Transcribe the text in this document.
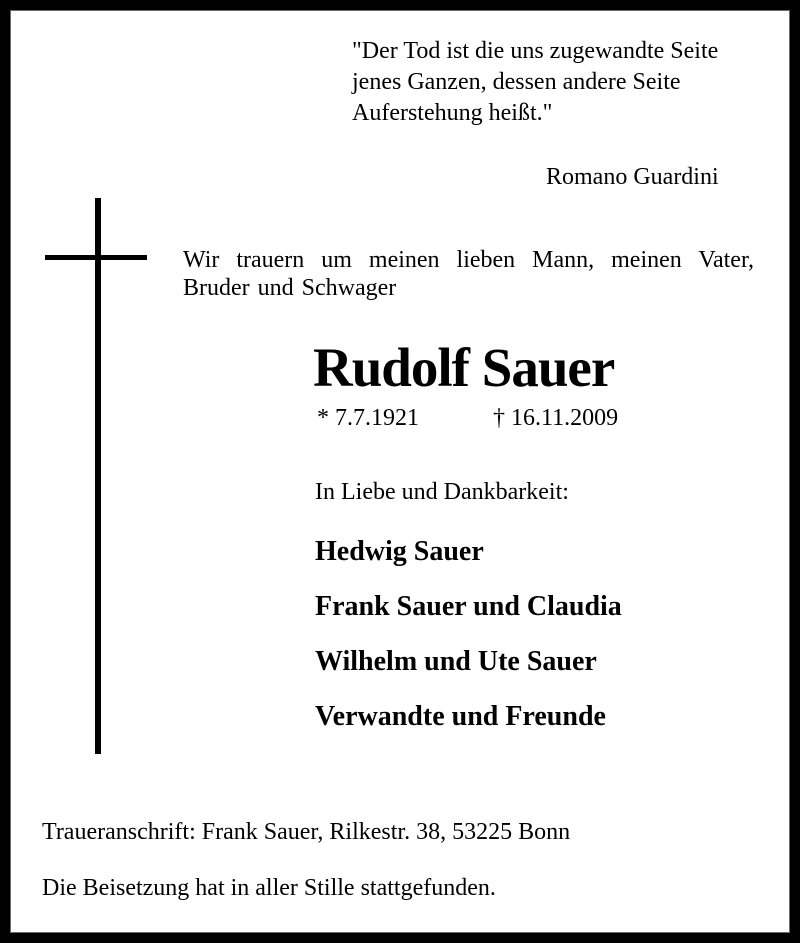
"Der Tod ist die uns zugewandte Seite
jenes Ganzen, dessen andere Seite
Auferstehung heißt."
Romano Guardini
Wir trauern um meinen lieben Mann, meinen Vater, Bruder und Schwager
Rudolf Sauer
* 7.7.1921	† 16.11.2009
In Liebe und Dankbarkeit:
Hedwig Sauer
Frank Sauer und Claudia
Wilhelm und Ute Sauer
Verwandte und Freunde
Traueranschrift: Frank Sauer, Rilkestr. 38, 53225 Bonn
Die Beisetzung hat in aller Stille stattgefunden.
